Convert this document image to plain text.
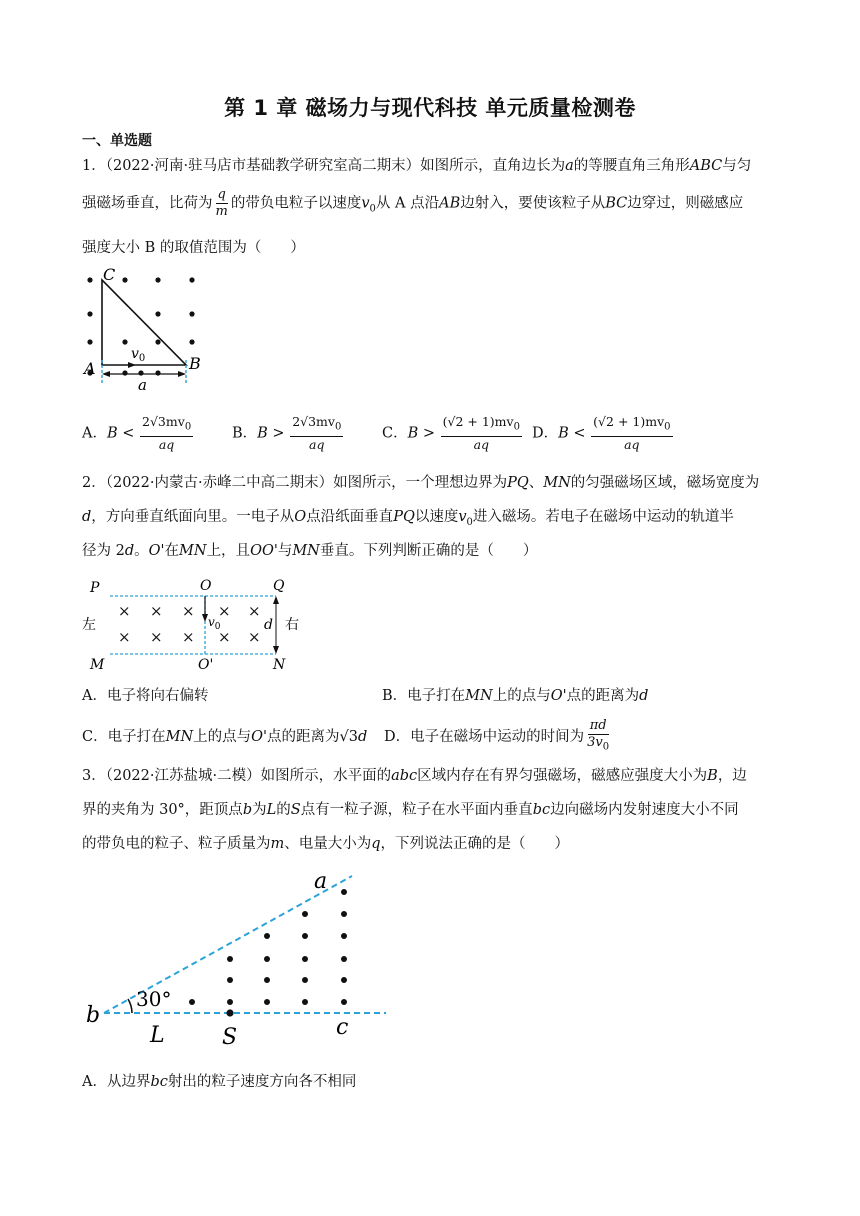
第 1 章 磁场力与现代科技 单元质量检测卷
一、单选题
1．（2022·河南·驻马店市基础教学研究室高二期末）如图所示，直角边长为a的等腰直角三角形ABC与匀
强磁场垂直，比荷为 $\frac{q}{m}$ 的带负电粒子以速度$v_0$从 A 点沿AB边射入，要使该粒子从BC边穿过，则磁感应
强度大小 B 的取值范围为（　　）
C
A	B
a
$v_0$
A．$B < \frac{2√3mv_0}{aq}$	B．$B > \frac{2√3mv_0}{aq}$	C．$B > \frac{(√2 + 1)mv_0}{aq}$ D．$B < \frac{(√2 + 1)mv_0}{aq}$
2．（2022·内蒙古·赤峰二中高二期末）如图所示，一个理想边界为PQ、MN的匀强磁场区域，磁场宽度为
d，方向垂直纸面向里。一电子从O点沿纸面垂直PQ以速度$v_0$进入磁场。若电子在磁场中运动的轨道半
径为 2d。O'在MN上，且OO'与MN垂直。下列判断正确的是（　　）
× × × × ×
× × × × ×
P	O	Q
左	右
d
$v_0$
M	O'	N
A．电子将向右偏转	B．电子打在MN上的点与O'点的距离为d
C．电子打在MN上的点与O'点的距离为√3d	D．电子在磁场中运动的时间为 $\frac{\pi d}{3v_0}$
3．（2022·江苏盐城·二模）如图所示，水平面的abc区域内存在有界匀强磁场，磁感应强度大小为B，边
界的夹角为 30°，距顶点b为L的S点有一粒子源，粒子在水平面内垂直bc边向磁场内发射速度大小不同
的带负电的粒子、粒子质量为m、电量大小为q，下列说法正确的是（　　）
30°
a
b	c
L	S
A．从边界bc射出的粒子速度方向各不相同
